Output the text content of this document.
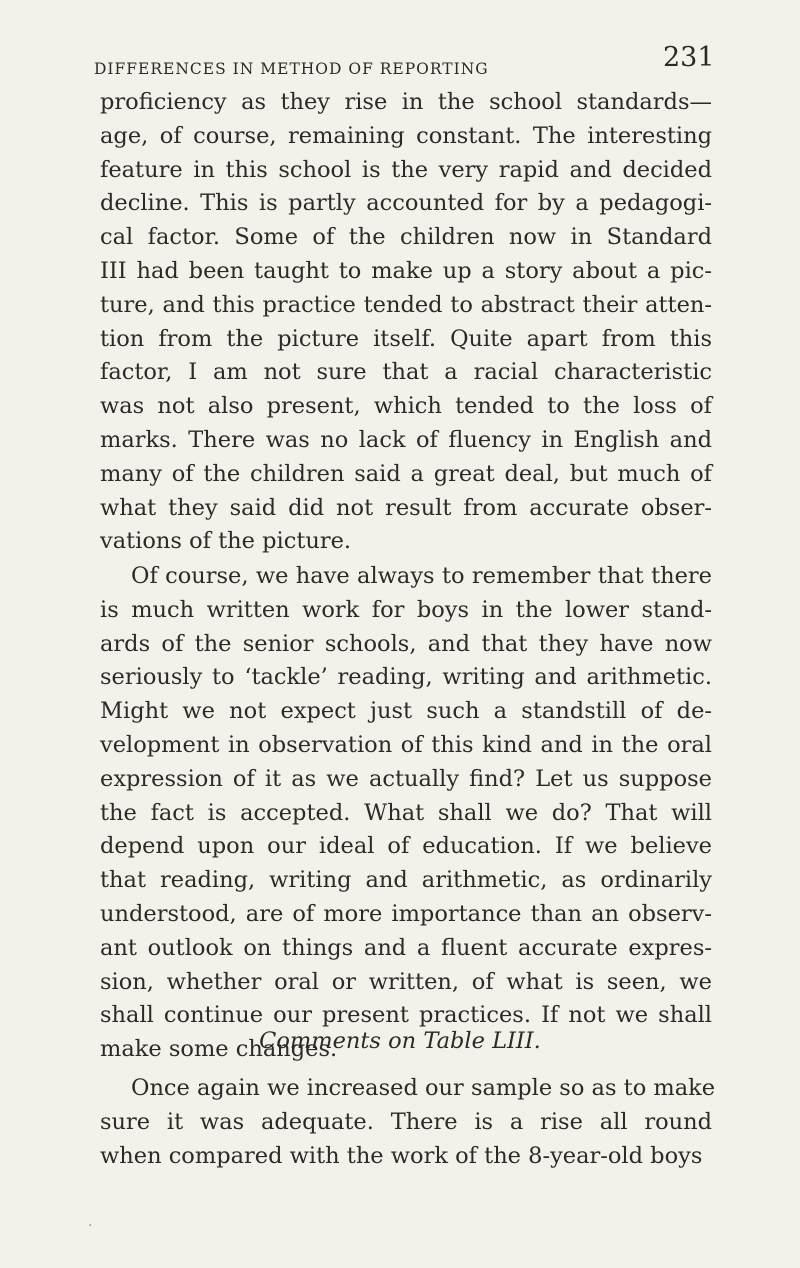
DIFFERENCES IN METHOD OF REPORTING	231
proficiency as they rise in the school standards—
age, of course, remaining constant. The interesting
feature in this school is the very rapid and decided
decline. This is partly accounted for by a pedagogi-
cal factor. Some of the children now in Standard
III had been taught to make up a story about a pic-
ture, and this practice tended to abstract their atten-
tion from the picture itself. Quite apart from this
factor, I am not sure that a racial characteristic
was not also present, which tended to the loss of
marks. There was no lack of fluency in English and
many of the children said a great deal, but much of
what they said did not result from accurate obser-
vations of the picture.
Of course, we have always to remember that there
is much written work for boys in the lower stand-
ards of the senior schools, and that they have now
seriously to ‘tackle’ reading, writing and arithmetic.
Might we not expect just such a standstill of de-
velopment in observation of this kind and in the oral
expression of it as we actually find? Let us suppose
the fact is accepted. What shall we do? That will
depend upon our ideal of education. If we believe
that reading, writing and arithmetic, as ordinarily
understood, are of more importance than an observ-
ant outlook on things and a fluent accurate expres-
sion, whether oral or written, of what is seen, we
shall continue our present practices. If not we shall
make some changes.
Comments on Table LIII.
Once again we increased our sample so as to make
sure it was adequate. There is a rise all round
when compared with the work of the 8-year-old boys
·
